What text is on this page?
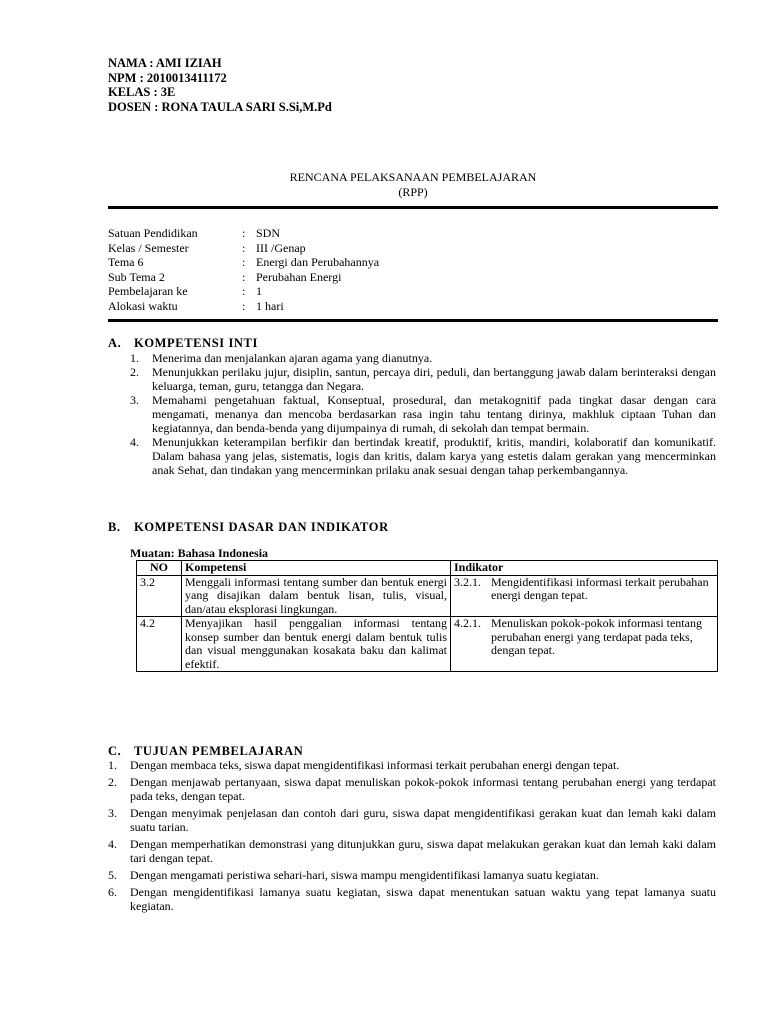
NAMA : AMI IZIAH
NPM : 2010013411172
KELAS : 3E
DOSEN : RONA TAULA SARI S.Si,M.Pd
RENCANA PELAKSANAAN PEMBELAJARAN
(RPP)
Satuan Pendidikan	:	SDN
Kelas / Semester	:	III /Genap
Tema 6	:	Energi dan Perubahannya
Sub Tema 2	:	Perubahan Energi
Pembelajaran ke	:	1
Alokasi waktu	:	1 hari
A. KOMPETENSI INTI
1. Menerima dan menjalankan ajaran agama yang dianutnya.
2. Menunjukkan perilaku jujur, disiplin, santun, percaya diri, peduli, dan bertanggung jawab dalam berinteraksi dengan keluarga, teman, guru, tetangga dan Negara.
3. Memahami pengetahuan faktual, Konseptual, prosedural, dan metakognitif pada tingkat dasar dengan cara mengamati, menanya dan mencoba berdasarkan rasa ingin tahu tentang dirinya, makhluk ciptaan Tuhan dan kegiatannya, dan benda-benda yang dijumpainya di rumah, di sekolah dan tempat bermain.
4. Menunjukkan keterampilan berfikir dan bertindak kreatif, produktif, kritis, mandiri, kolaboratif dan komunikatif. Dalam bahasa yang jelas, sistematis, logis dan kritis, dalam karya yang estetis dalam gerakan yang mencerminkan anak Sehat, dan tindakan yang mencerminkan prilaku anak sesuai dengan tahap perkembangannya.
B. KOMPETENSI DASAR DAN INDIKATOR
Muatan: Bahasa Indonesia
NO	Kompetensi	Indikator
3.2	Menggali informasi tentang sumber dan bentuk energi yang disajikan dalam bentuk lisan, tulis, visual, dan/atau eksplorasi lingkungan.	3.2.1. Mengidentifikasi informasi terkait perubahan energi dengan tepat.

4.2	Menyajikan hasil penggalian informasi tentang konsep sumber dan bentuk energi dalam bentuk tulis dan visual menggunakan kosakata baku dan kalimat efektif.	4.2.1. Menuliskan pokok-pokok informasi tentang perubahan energi yang terdapat pada teks, dengan tepat.
C. TUJUAN PEMBELAJARAN
1. Dengan membaca teks, siswa dapat mengidentifikasi informasi terkait perubahan energi dengan tepat.
2. Dengan menjawab pertanyaan, siswa dapat menuliskan pokok-pokok informasi tentang perubahan energi yang terdapat pada teks, dengan tepat.
3. Dengan menyimak penjelasan dan contoh dari guru, siswa dapat mengidentifikasi gerakan kuat dan lemah kaki dalam suatu tarian.
4. Dengan memperhatikan demonstrasi yang ditunjukkan guru, siswa dapat melakukan gerakan kuat dan lemah kaki dalam tari dengan tepat.
5. Dengan mengamati peristiwa sehari-hari, siswa mampu mengidentifikasi lamanya suatu kegiatan.
6. Dengan mengidentifikasi lamanya suatu kegiatan, siswa dapat menentukan satuan waktu yang tepat lamanya suatu kegiatan.
